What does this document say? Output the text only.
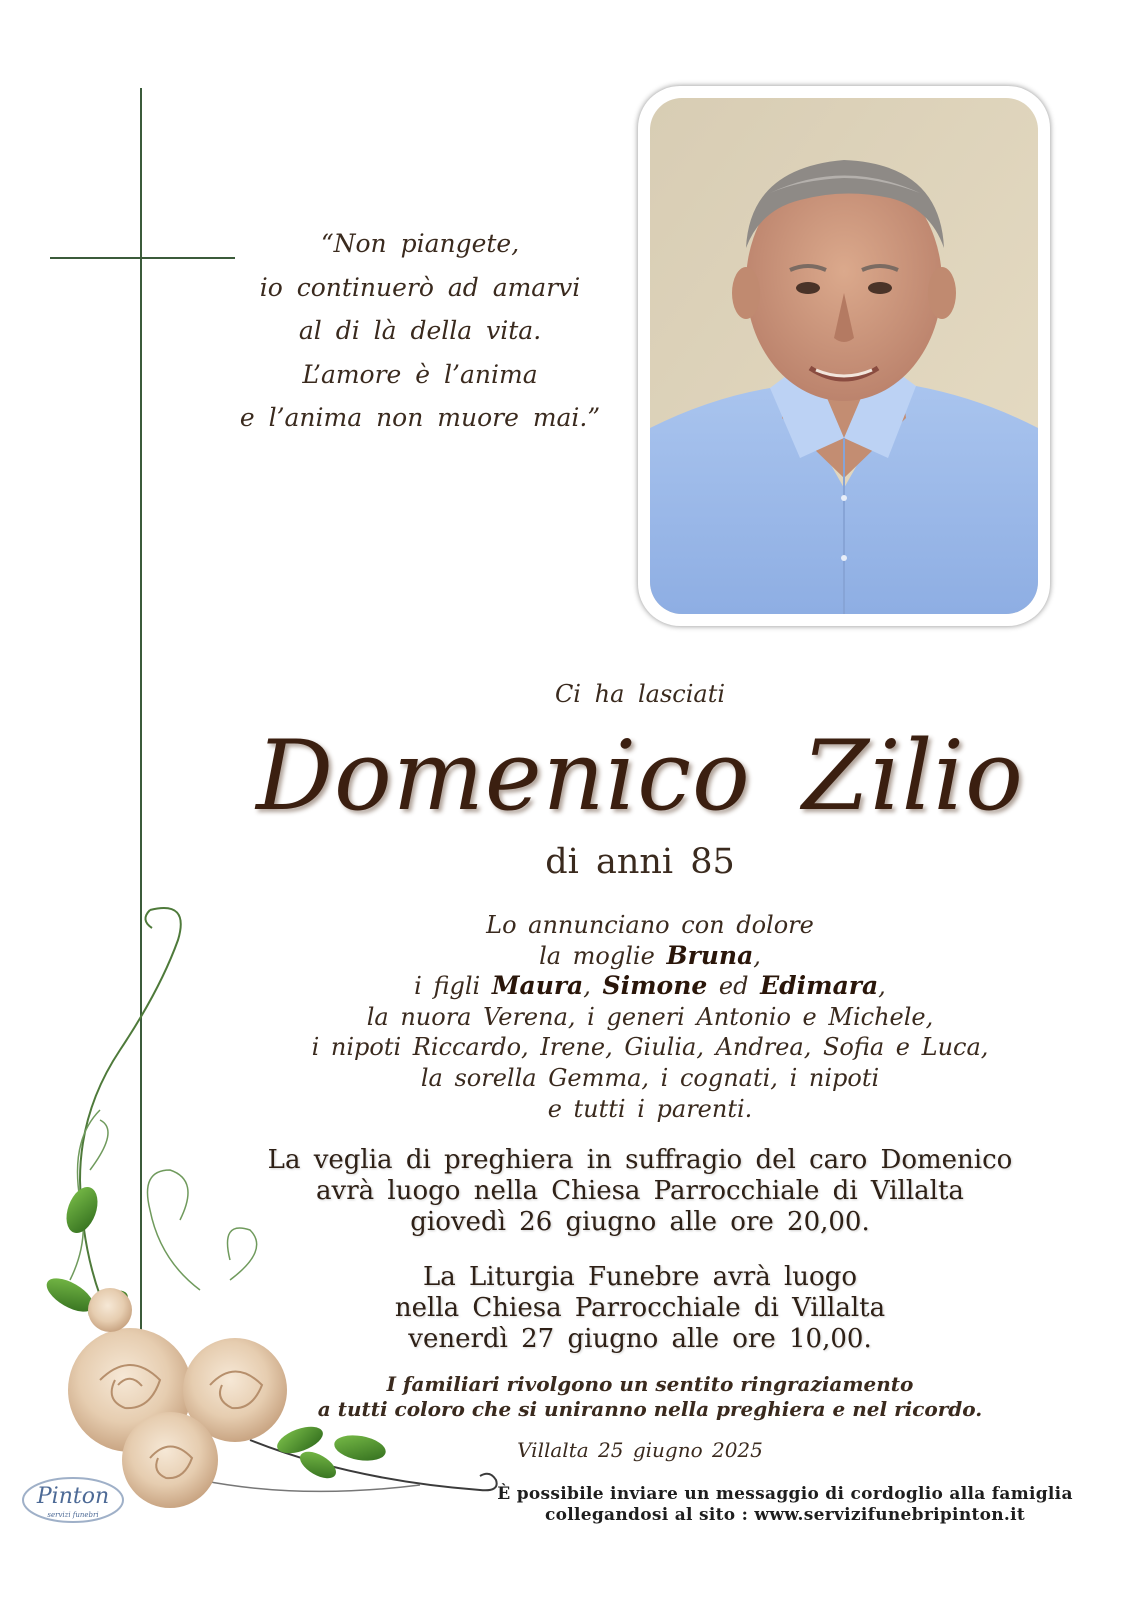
“Non piangete,
io continuerò ad amarvi
al di là della vita.
L’amore è l’anima
e l’anima non muore mai.”
Ci ha lasciati
Domenico Zilio
di anni 85
Lo annunciano con dolore
la moglie Bruna,
i figli Maura, Simone ed Edimara,
la nuora Verena, i generi Antonio e Michele,
i nipoti Riccardo, Irene, Giulia, Andrea, Sofia e Luca,
la sorella Gemma, i cognati, i nipoti
e tutti i parenti.
La veglia di preghiera in suffragio del caro Domenico
avrà luogo nella Chiesa Parrocchiale di Villalta
giovedì 26 giugno alle ore 20,00.
La Liturgia Funebre avrà luogo
nella Chiesa Parrocchiale di Villalta
venerdì 27 giugno alle ore 10,00.
I familiari rivolgono un sentito ringraziamento
a tutti coloro che si uniranno nella preghiera e nel ricordo.
Villalta 25 giugno 2025
Pinton
servizi funebri
È possibile inviare un messaggio di cordoglio alla famiglia
collegandosi al sito : www.servizifunebripinton.it
